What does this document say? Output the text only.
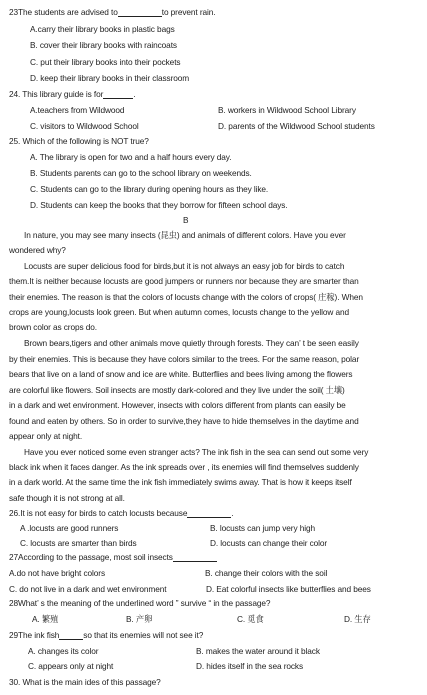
23The students are advised to	to prevent rain.
A.carry their library books in plastic bags
B. cover their library books with raincoats
C. put their library books into their pockets
D. keep their library books in their classroom
24. This library guide is for	.
A.teachers from Wildwood	B. workers in Wildwood School Library
C. visitors to Wildwood School	D. parents of the Wildwood School students
25. Which of the following is NOT true?
A. The library is open for two and a half hours every day.
B. Students parents can go to the school library on weekends.
C. Students can go to the library during opening hours as they like.
D. Students can keep the books that they borrow for fifteen school days.
B
In nature, you may see many insects (昆虫) and animals of different colors. Have you ever
wondered why?
Locusts are super delicious food for birds,but it is not always an easy job for birds to catch
them.It is neither because locusts are good jumpers or runners nor because they are smarter than
their enemies. The reason is that the colors of locusts change with the colors of crops( 庄稼). When
crops are young,locusts look green. But when autumn comes, locusts change to the yellow and
brown color as crops do.
Brown bears,tigers and other animals move quietly through forests. They can’ t be seen easily
by their enemies. This is because they have colors similar to the trees. For the same reason, polar
bears that live on a land of snow and ice are white. Butterflies and bees living among the flowers
are colorful like flowers. Soil insects are mostly dark-colored and they live under the soil( 土壤)
in a dark and wet environment. However, insects with colors different from plants can easily be
found and eaten by others. So in order to survive,they have to hide themselves in the daytime and
appear only at night.
Have you ever noticed some even stranger acts? The ink fish in the sea can send out some very
black ink when it faces danger. As the ink spreads over , its enemies will find themselves suddenly
in a dark world. At the same time the ink fish immediately swims away. That is how it keeps itself
safe though it is not strong at all.
26.It is not easy for birds to catch locusts because	.
A .locusts are good runners	B. locusts can jump very high
C. locusts are smarter than birds	D. locusts can change their color
27According to the passage, most soil insects
A.do not have bright colors	B. change their colors with the soil
C. do not live in a dark and wet environment	D. Eat colorful insects like butterflies and bees
28What’ s the meaning of the underlined word ” survive “ in the passage?
A. 繁殖	B. 产卵	C. 觅食	D. 生存
29The ink fish	so that its enemies will not see it?
A. changes its color	B. makes the water around it black
C. appears only at night	D. hides itself in the sea rocks
30. What is the main ides of this passage?
